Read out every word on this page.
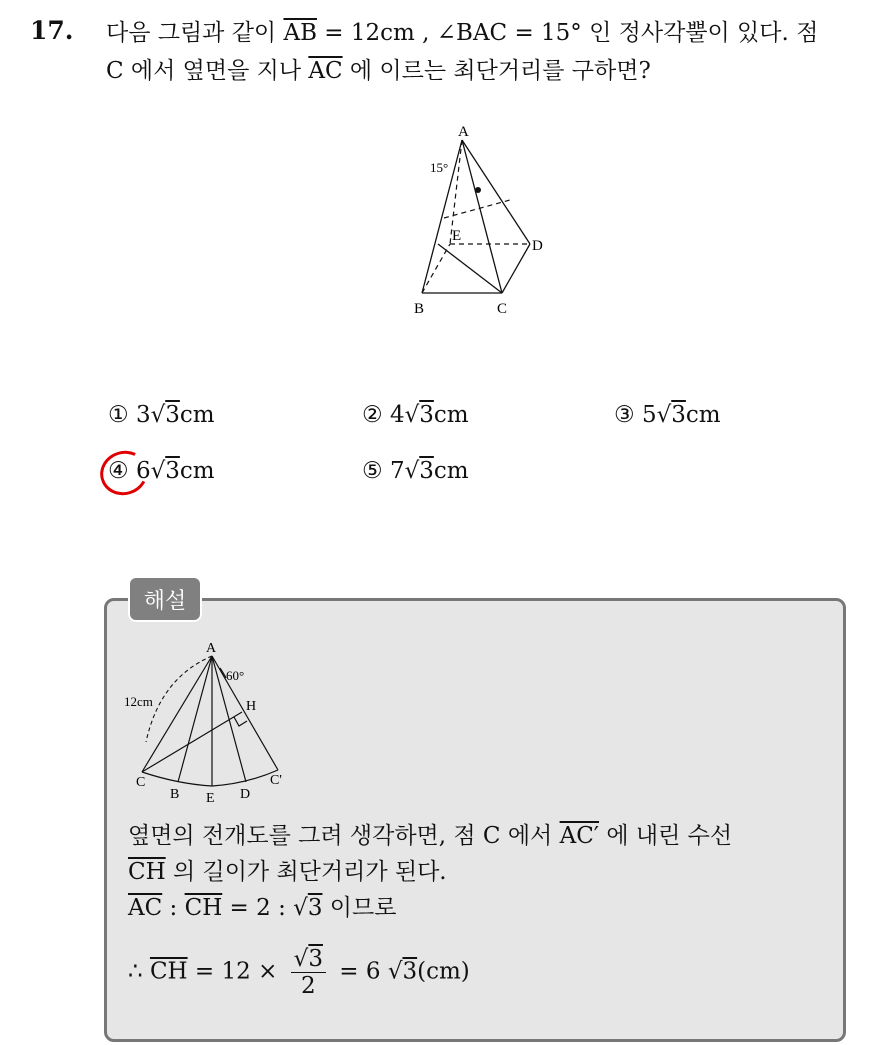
17. 다음 그림과 같이 $\overline{AB} = 12cm$ , ∠BAC = 15° 인 정사각뿔이 있다. 점
C 에서 옆면을 지나 $\overline{AC}$ 에 이르는 최단거리를 구하면?
A
B	C
D
E
15°
① 3√3cm	② 4√3cm	③ 5√3cm
④ 6√3cm	⑤ 7√3cm
해설
A
60°
12cm	H
C
B E D
C'
옆면의 전개도를 그려 생각하면, 점 C 에서 AC′ 에 내린 수선
$\overline{CH}$ 의 길이가 최단거리가 된다.
$\overline{AC}$ : $\overline{CH} = 2$ : √3 이므로
∴ $\overline{CH} = 12 \times \frac{√3}{2} = 6$ √3(cm)
